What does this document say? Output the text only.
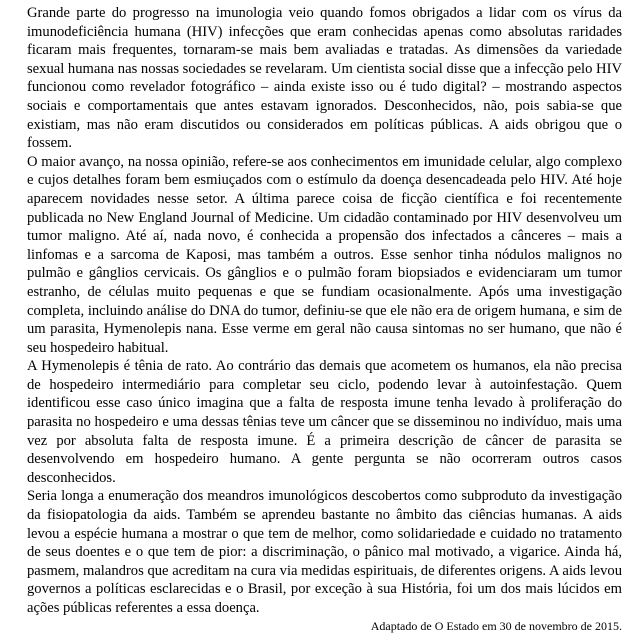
Grande parte do progresso na imunologia veio quando fomos obrigados a lidar com os vírus da imunodeficiência humana (HIV) infecções que eram conhecidas apenas como absolutas raridades ficaram mais frequentes, tornaram-se mais bem avaliadas e tratadas. As dimensões da variedade sexual humana nas nossas sociedades se revelaram. Um cientista social disse que a infecção pelo HIV funcionou como revelador fotográfico – ainda existe isso ou é tudo digital? – mostrando aspectos sociais e comportamentais que antes estavam ignorados. Desconhecidos, não, pois sabia-se que existiam, mas não eram discutidos ou considerados em políticas públicas. A aids obrigou que o fossem.

O maior avanço, na nossa opinião, refere-se aos conhecimentos em imunidade celular, algo complexo e cujos detalhes foram bem esmiuçados com o estímulo da doença desencadeada pelo HIV. Até hoje aparecem novidades nesse setor. A última parece coisa de ficção científica e foi recentemente publicada no New England Journal of Medicine. Um cidadão contaminado por HIV desenvolveu um tumor maligno. Até aí, nada novo, é conhecida a propensão dos infectados a cânceres – mais a linfomas e a sarcoma de Kaposi, mas também a outros. Esse senhor tinha nódulos malignos no pulmão e gânglios cervicais. Os gânglios e o pulmão foram biopsiados e evidenciaram um tumor estranho, de células muito pequenas e que se fundiam ocasionalmente. Após uma investigação completa, incluindo análise do DNA do tumor, definiu-se que ele não era de origem humana, e sim de um parasita, Hymenolepis nana. Esse verme em geral não causa sintomas no ser humano, que não é seu hospedeiro habitual.

A Hymenolepis é tênia de rato. Ao contrário das demais que acometem os humanos, ela não precisa de hospedeiro intermediário para completar seu ciclo, podendo levar à autoinfestação. Quem identificou esse caso único imagina que a falta de resposta imune tenha levado à proliferação do parasita no hospedeiro e uma dessas tênias teve um câncer que se disseminou no indivíduo, mais uma vez por absoluta falta de resposta imune. É a primeira descrição de câncer de parasita se desenvolvendo em hospedeiro humano. A gente pergunta se não ocorreram outros casos desconhecidos.

Seria longa a enumeração dos meandros imunológicos descobertos como subproduto da investigação da fisiopatologia da aids. Também se aprendeu bastante no âmbito das ciências humanas. A aids levou a espécie humana a mostrar o que tem de melhor, como solidariedade e cuidado no tratamento de seus doentes e o que tem de pior: a discriminação, o pânico mal motivado, a vigarice. Ainda há, pasmem, malandros que acreditam na cura via medidas espirituais, de diferentes origens. A aids levou governos a políticas esclarecidas e o Brasil, por exceção à sua História, foi um dos mais lúcidos em ações públicas referentes a essa doença.

Adaptado de O Estado em 30 de novembro de 2015.
